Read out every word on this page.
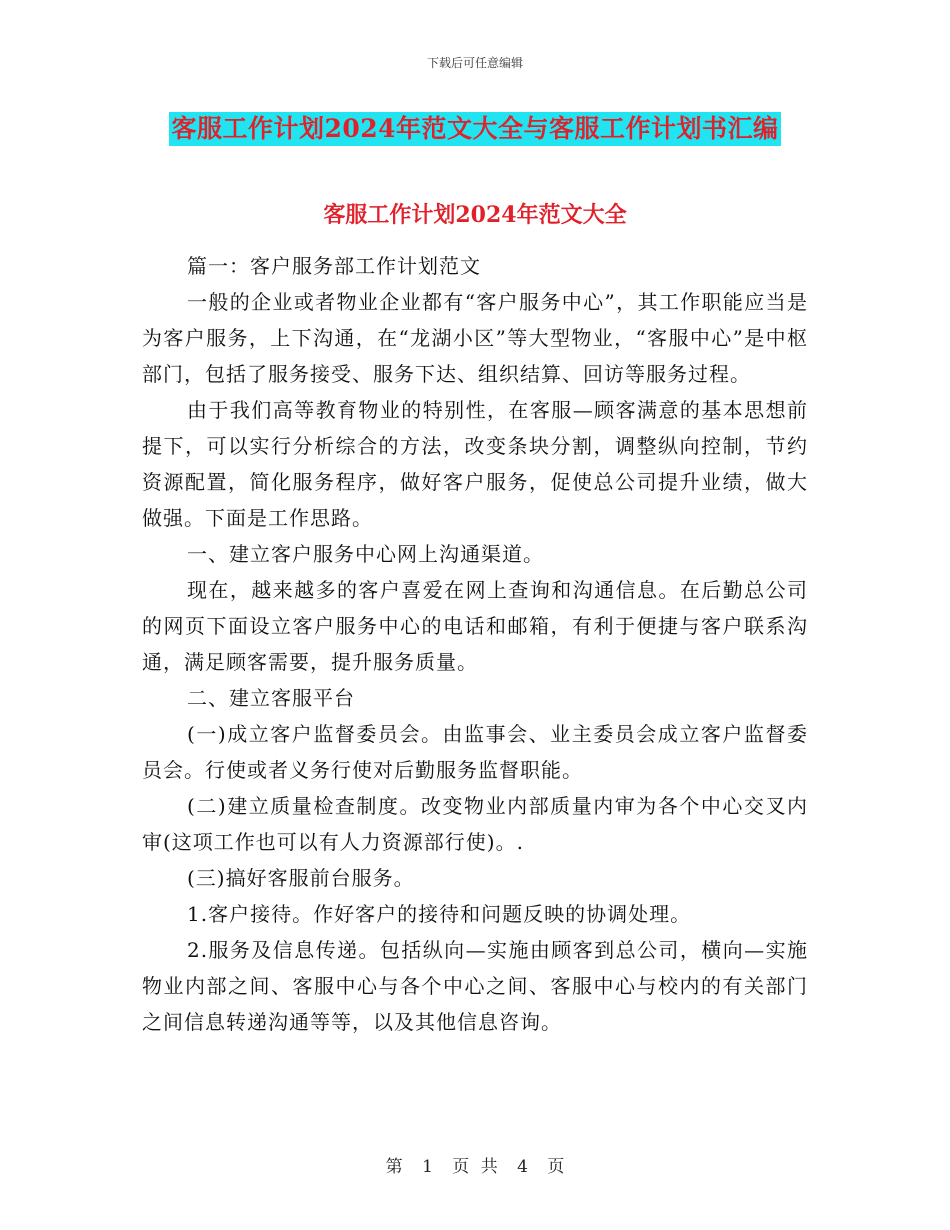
下载后可任意编辑
客服工作计划2024年范文大全与客服工作计划书汇编
客服工作计划2024年范文大全

篇一：客户服务部工作计划范文

一般的企业或者物业企业都有“客户服务中心”，其工作职能应当是为客户服务，上下沟通，在“龙湖小区”等大型物业，“客服中心”是中枢部门，包括了服务接受、服务下达、组织结算、回访等服务过程。

由于我们高等教育物业的特别性，在客服—顾客满意的基本思想前提下，可以实行分析综合的方法，改变条块分割，调整纵向控制，节约资源配置，简化服务程序，做好客户服务，促使总公司提升业绩，做大做强。下面是工作思路。

一、建立客户服务中心网上沟通渠道。

现在，越来越多的客户喜爱在网上查询和沟通信息。在后勤总公司的网页下面设立客户服务中心的电话和邮箱，有利于便捷与客户联系沟通，满足顾客需要，提升服务质量。

二、建立客服平台

(一)成立客户监督委员会。由监事会、业主委员会成立客户监督委员会。行使或者义务行使对后勤服务监督职能。

(二)建立质量检查制度。改变物业内部质量内审为各个中心交叉内审(这项工作也可以有人力资源部行使)。.

(三)搞好客服前台服务。

1.客户接待。作好客户的接待和问题反映的协调处理。

2.服务及信息传递。包括纵向—实施由顾客到总公司，横向—实施物业内部之间、客服中心与各个中心之间、客服中心与校内的有关部门之间信息转递沟通等等，以及其他信息咨询。

第 1 页 共 4 页
